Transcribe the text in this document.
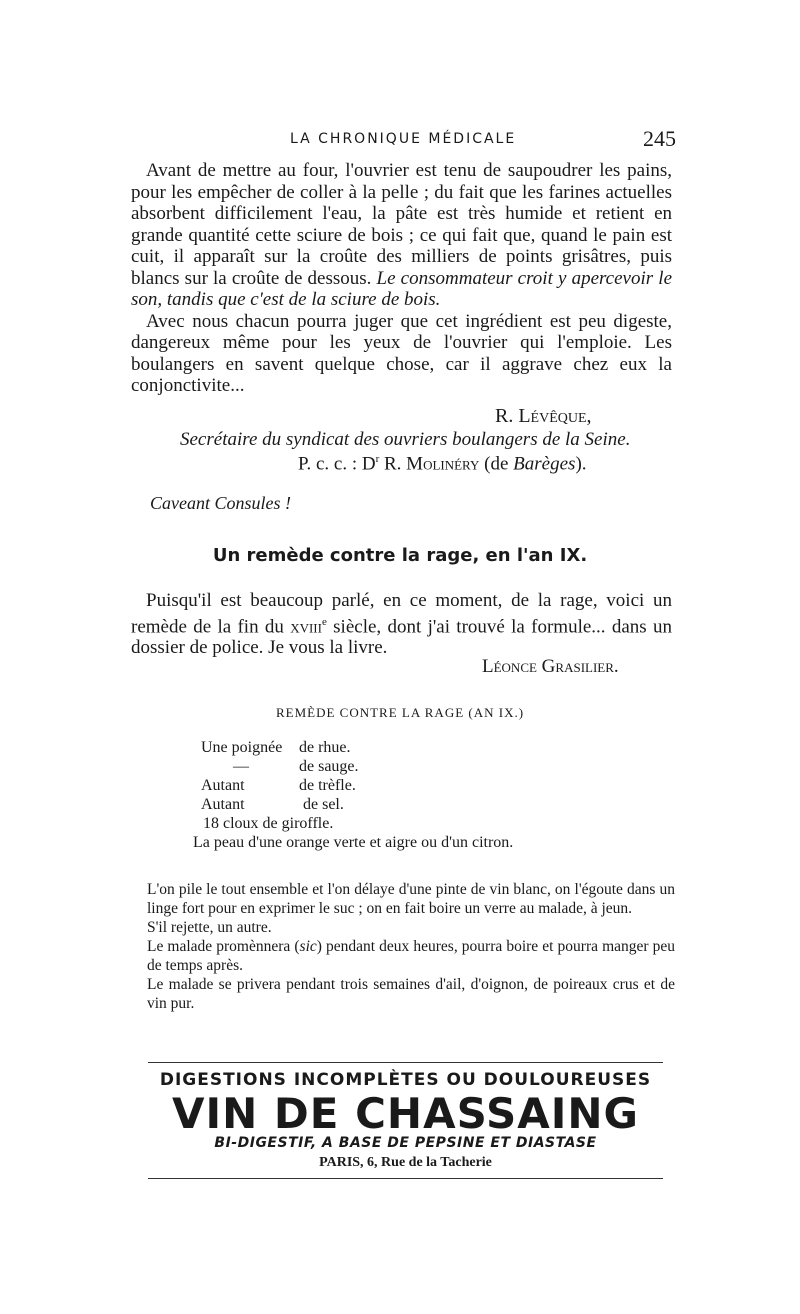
LA CHRONIQUE MÉDICALE	245

Avant de mettre au four, l'ouvrier est tenu de saupoudrer les pains, pour les empêcher de coller à la pelle ; du fait que les farines actuelles absorbent difficilement l'eau, la pâte est très humide et retient en grande quantité cette sciure de bois ; ce qui fait que, quand le pain est cuit, il apparaît sur la croûte des milliers de points grisâtres, puis blancs sur la croûte de dessous. Le consommateur croit y apercevoir le son, tandis que c'est de la sciure de bois.

Avec nous chacun pourra juger que cet ingrédient est peu digeste, dangereux même pour les yeux de l'ouvrier qui l'emploie. Les boulangers en savent quelque chose, car il aggrave chez eux la conjonctivite...

R. Lévêque,
Secrétaire du syndicat des ouvriers boulangers de la Seine.
P. c. c. : $D^r$ R. Molinéry (de Barèges).
Caveant Consules !
Un remède contre la rage, en l'an IX.

Puisqu'il est beaucoup parlé, en ce moment, de la rage, voici un remède de la fin du xviii$^e$ siècle, dont j'ai trouvé la formule... dans un dossier de police. Je vous la livre.

Léonce Grasilier.
REMÈDE CONTRE LA RAGE (AN IX.)
Une poignée de rhue.
—	de sauge.
Autant	de trèfle.
Autant	de sel.
18 cloux de giroffle.
La peau d'une orange verte et aigre ou d'un citron.

L'on pile le tout ensemble et l'on délaye d'une pinte de vin blanc, on l'égoute dans un linge fort pour en exprimer le suc ; on en fait boire un verre au malade, à jeun.

S'il rejette, un autre.

Le malade promènnera (sic) pendant deux heures, pourra boire et pourra manger peu de temps après.

Le malade se privera pendant trois semaines d'ail, d'oignon, de poireaux crus et de vin pur.

DIGESTIONS INCOMPLÈTES OU DOULOUREUSES
VIN DE CHASSAING
BI-DIGESTIF, A BASE DE PEPSINE ET DIASTASE
PARIS, 6, Rue de la Tacherie
